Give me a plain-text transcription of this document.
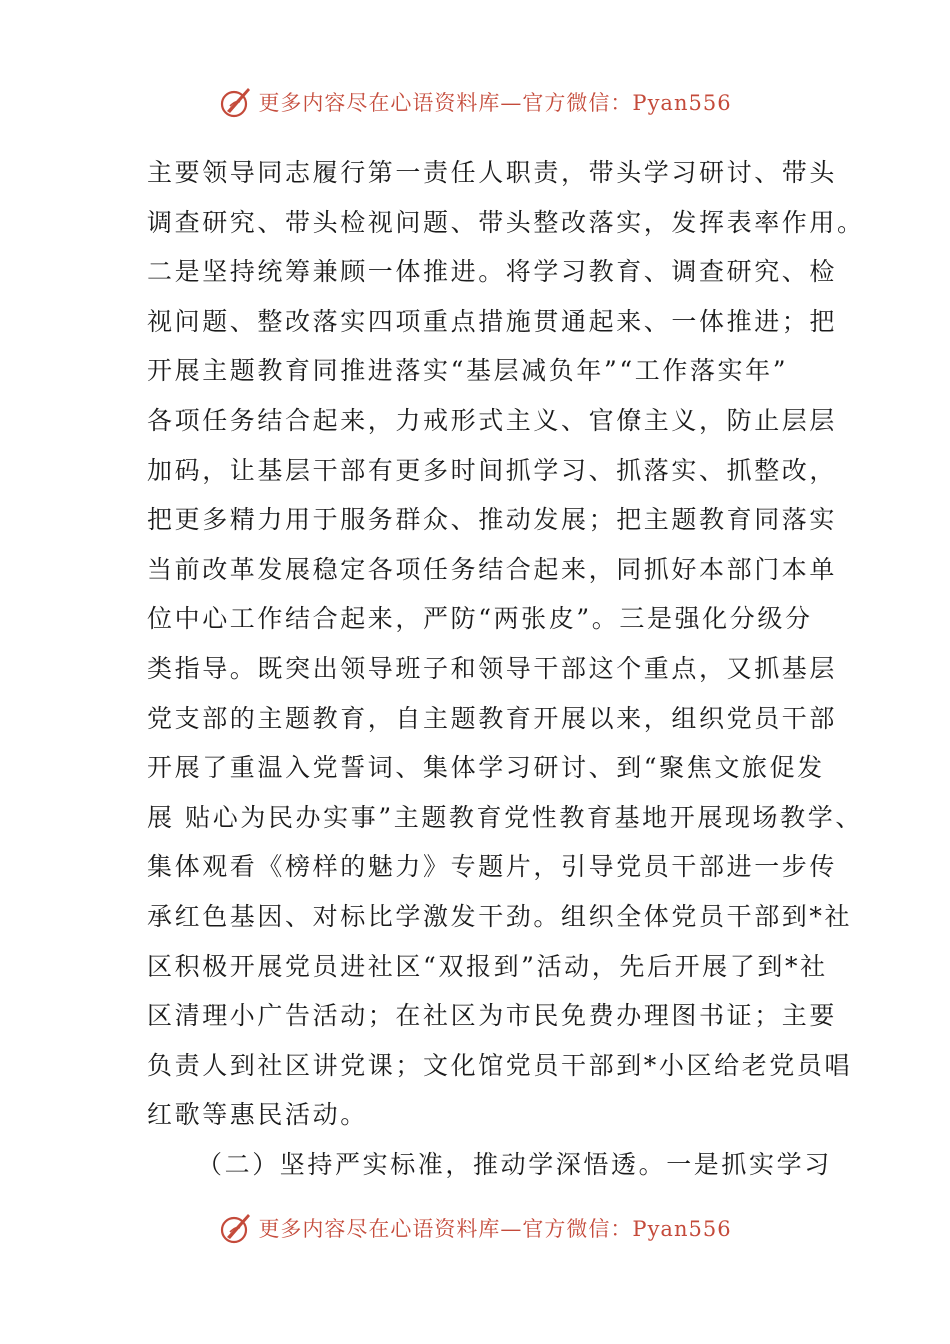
更多内容尽在心语资料库—官方微信：Pyan556
主要领导同志履行第一责任人职责，带头学习研讨、带头
调查研究、带头检视问题、带头整改落实，发挥表率作用。
二是坚持统筹兼顾一体推进。将学习教育、调查研究、检
视问题、整改落实四项重点措施贯通起来、一体推进；把
开展主题教育同推进落实“基层减负年”“工作落实年”
各项任务结合起来，力戒形式主义、官僚主义，防止层层
加码，让基层干部有更多时间抓学习、抓落实、抓整改，
把更多精力用于服务群众、推动发展；把主题教育同落实
当前改革发展稳定各项任务结合起来，同抓好本部门本单
位中心工作结合起来，严防“两张皮”。三是强化分级分
类指导。既突出领导班子和领导干部这个重点，又抓基层
党支部的主题教育，自主题教育开展以来，组织党员干部
开展了重温入党誓词、集体学习研讨、到“聚焦文旅促发
展 贴心为民办实事”主题教育党性教育基地开展现场教学、
集体观看《榜样的魅力》专题片，引导党员干部进一步传
承红色基因、对标比学激发干劲。组织全体党员干部到*社
区积极开展党员进社区“双报到”活动，先后开展了到*社
区清理小广告活动；在社区为市民免费办理图书证；主要
负责人到社区讲党课；文化馆党员干部到*小区给老党员唱
红歌等惠民活动。
（二）坚持严实标准，推动学深悟透。一是抓实学习
更多内容尽在心语资料库—官方微信：Pyan556
